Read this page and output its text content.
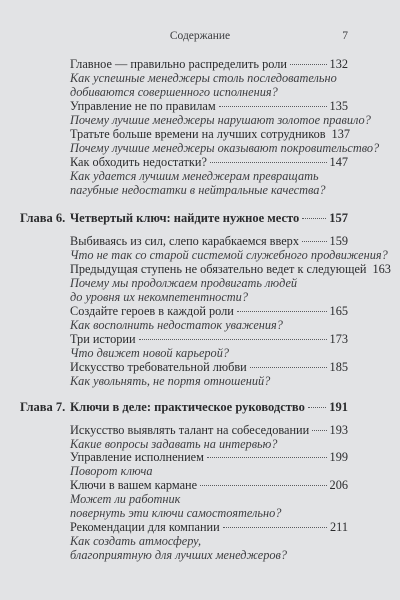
Содержание	7
Главное — правильно распределить роли	132
Как успешные менеджеры столь последовательно
добиваются совершенного исполнения?
Управление не по правилам	135
Почему лучшие менеджеры нарушают золотое правило?
Тратьте больше времени на лучших сотрудников 137
Почему лучшие менеджеры оказывают покровительство?
Как обходить недостатки?	147
Как удается лучшим менеджерам превращать
пагубные недостатки в нейтральные качества?
Глава 6. Четвертый ключ: найдите нужное место 157
Выбиваясь из сил, слепо карабкаемся вверх 159
Что не так со старой системой служебного продвижения?
Предыдущая ступень не обязательно ведет к следующей 163
Почему мы продолжаем продвигать людей
до уровня их некомпетентности?
Создайте героев в каждой роли	165
Как восполнить недостаток уважения?
Три истории	173
Что движет новой карьерой?
Искусство требовательной любви	185
Как увольнять, не портя отношений?
Глава 7. Ключи в деле: практическое руководство 191
Искусство выявлять талант на собеседовании 193
Какие вопросы задавать на интервью?
Управление исполнением	199
Поворот ключа
Ключи в вашем кармане	206
Может ли работник
повернуть эти ключи самостоятельно?
Рекомендации для компании	211
Как создать атмосферу,
благоприятную для лучших менеджеров?
